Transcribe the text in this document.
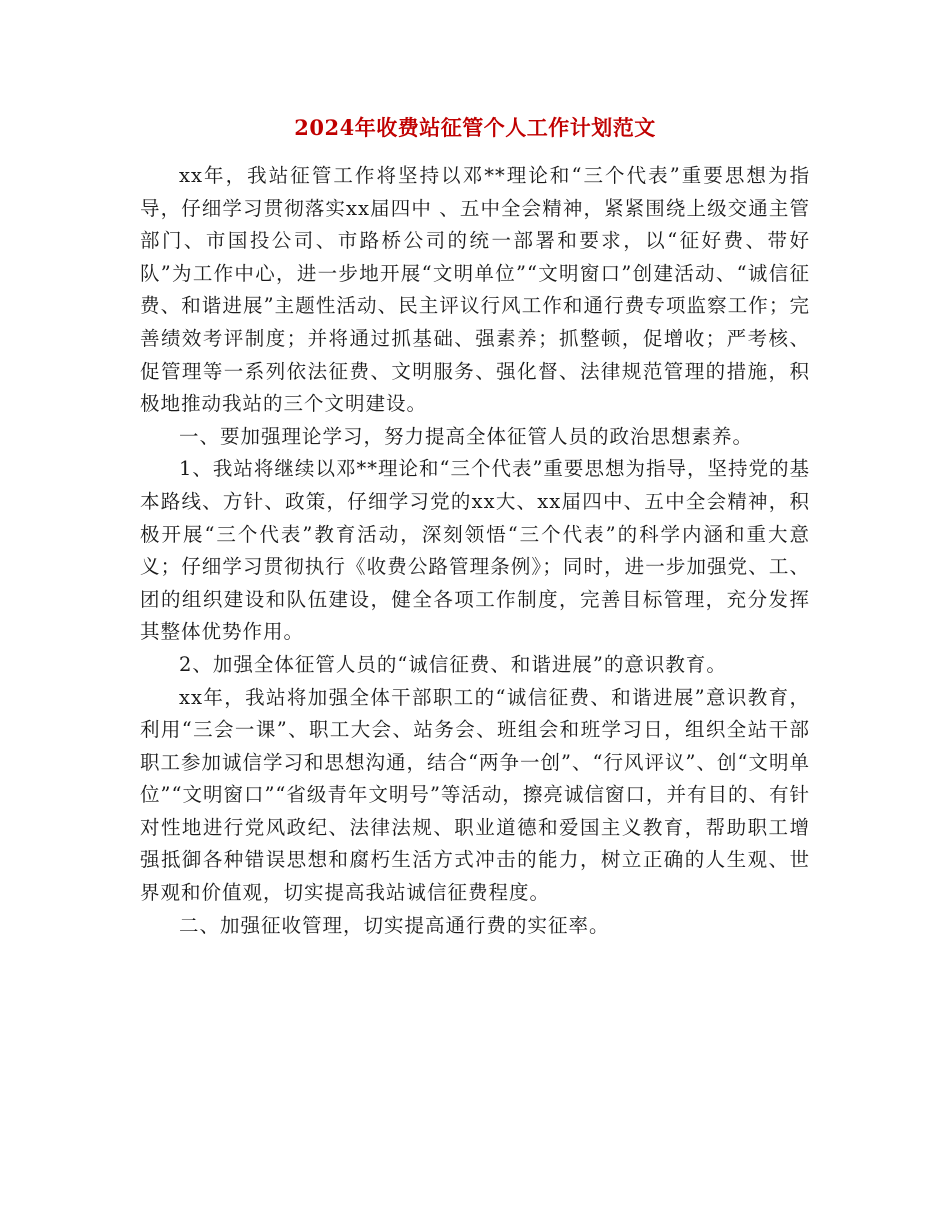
2024年收费站征管个人工作计划范文

xx年，我站征管工作将坚持以邓**理论和“三个代表”重要思想为指导，仔细学习贯彻落实xx届四中 、五中全会精神，紧紧围绕上级交通主管部门、市国投公司、市路桥公司的统一部署和要求，以“征好费、带好队”为工作中心，进一步地开展“文明单位”“文明窗口”创建活动、“诚信征费、和谐进展”主题性活动、民主评议行风工作和通行费专项监察工作；完善绩效考评制度；并将通过抓基础、强素养；抓整顿，促增收；严考核、促管理等一系列依法征费、文明服务、强化督、法律规范管理的措施，积极地推动我站的三个文明建设。

一、要加强理论学习，努力提高全体征管人员的政治思想素养。

1、我站将继续以邓**理论和“三个代表”重要思想为指导，坚持党的基本路线、方针、政策，仔细学习党的xx大、xx届四中、五中全会精神，积极开展“三个代表”教育活动，深刻领悟“三个代表”的科学内涵和重大意义；仔细学习贯彻执行《收费公路管理条例》；同时，进一步加强党、工、团的组织建设和队伍建设，健全各项工作制度，完善目标管理，充分发挥其整体优势作用。

2、加强全体征管人员的“诚信征费、和谐进展”的意识教育。

xx年，我站将加强全体干部职工的“诚信征费、和谐进展”意识教育，利用“三会一课”、职工大会、站务会、班组会和班学习日，组织全站干部职工参加诚信学习和思想沟通，结合“两争一创”、“行风评议”、创“文明单位”“文明窗口”“省级青年文明号”等活动，擦亮诚信窗口，并有目的、有针对性地进行党风政纪、法律法规、职业道德和爱国主义教育，帮助职工增强抵御各种错误思想和腐朽生活方式冲击的能力，树立正确的人生观、世界观和价值观，切实提高我站诚信征费程度。

二、加强征收管理，切实提高通行费的实征率。
